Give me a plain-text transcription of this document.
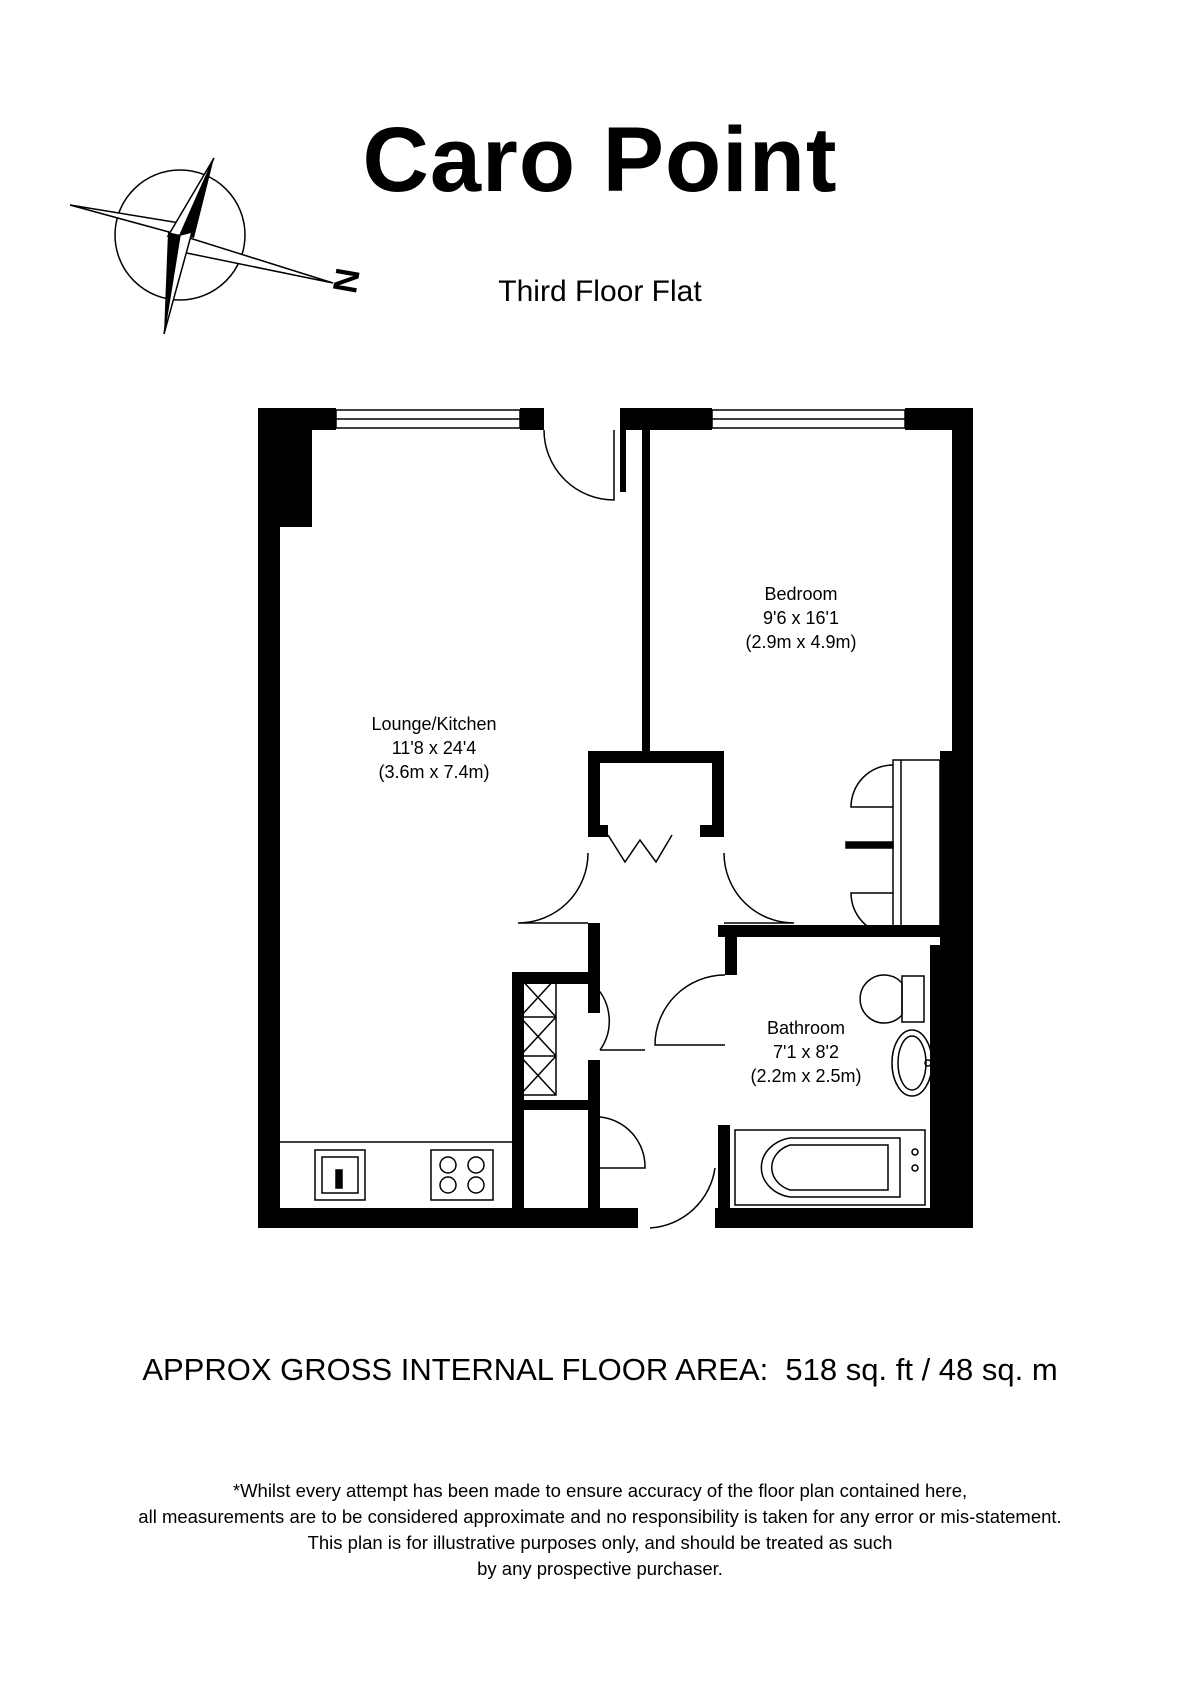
Caro Point
Third Floor Flat
N
Lounge/Kitchen
11'8 x 24'4
(3.6m x 7.4m)
Bedroom
9'6 x 16'1
(2.9m x 4.9m)
Bathroom
7'1 x 8'2
(2.2m x 2.5m)
APPROX GROSS INTERNAL FLOOR AREA:  518 sq. ft / 48 sq. m
*Whilst every attempt has been made to ensure accuracy of the floor plan contained here,
all measurements are to be considered approximate and no responsibility is taken for any error or mis-statement.
This plan is for illustrative purposes only, and should be treated as such
by any prospective purchaser.
